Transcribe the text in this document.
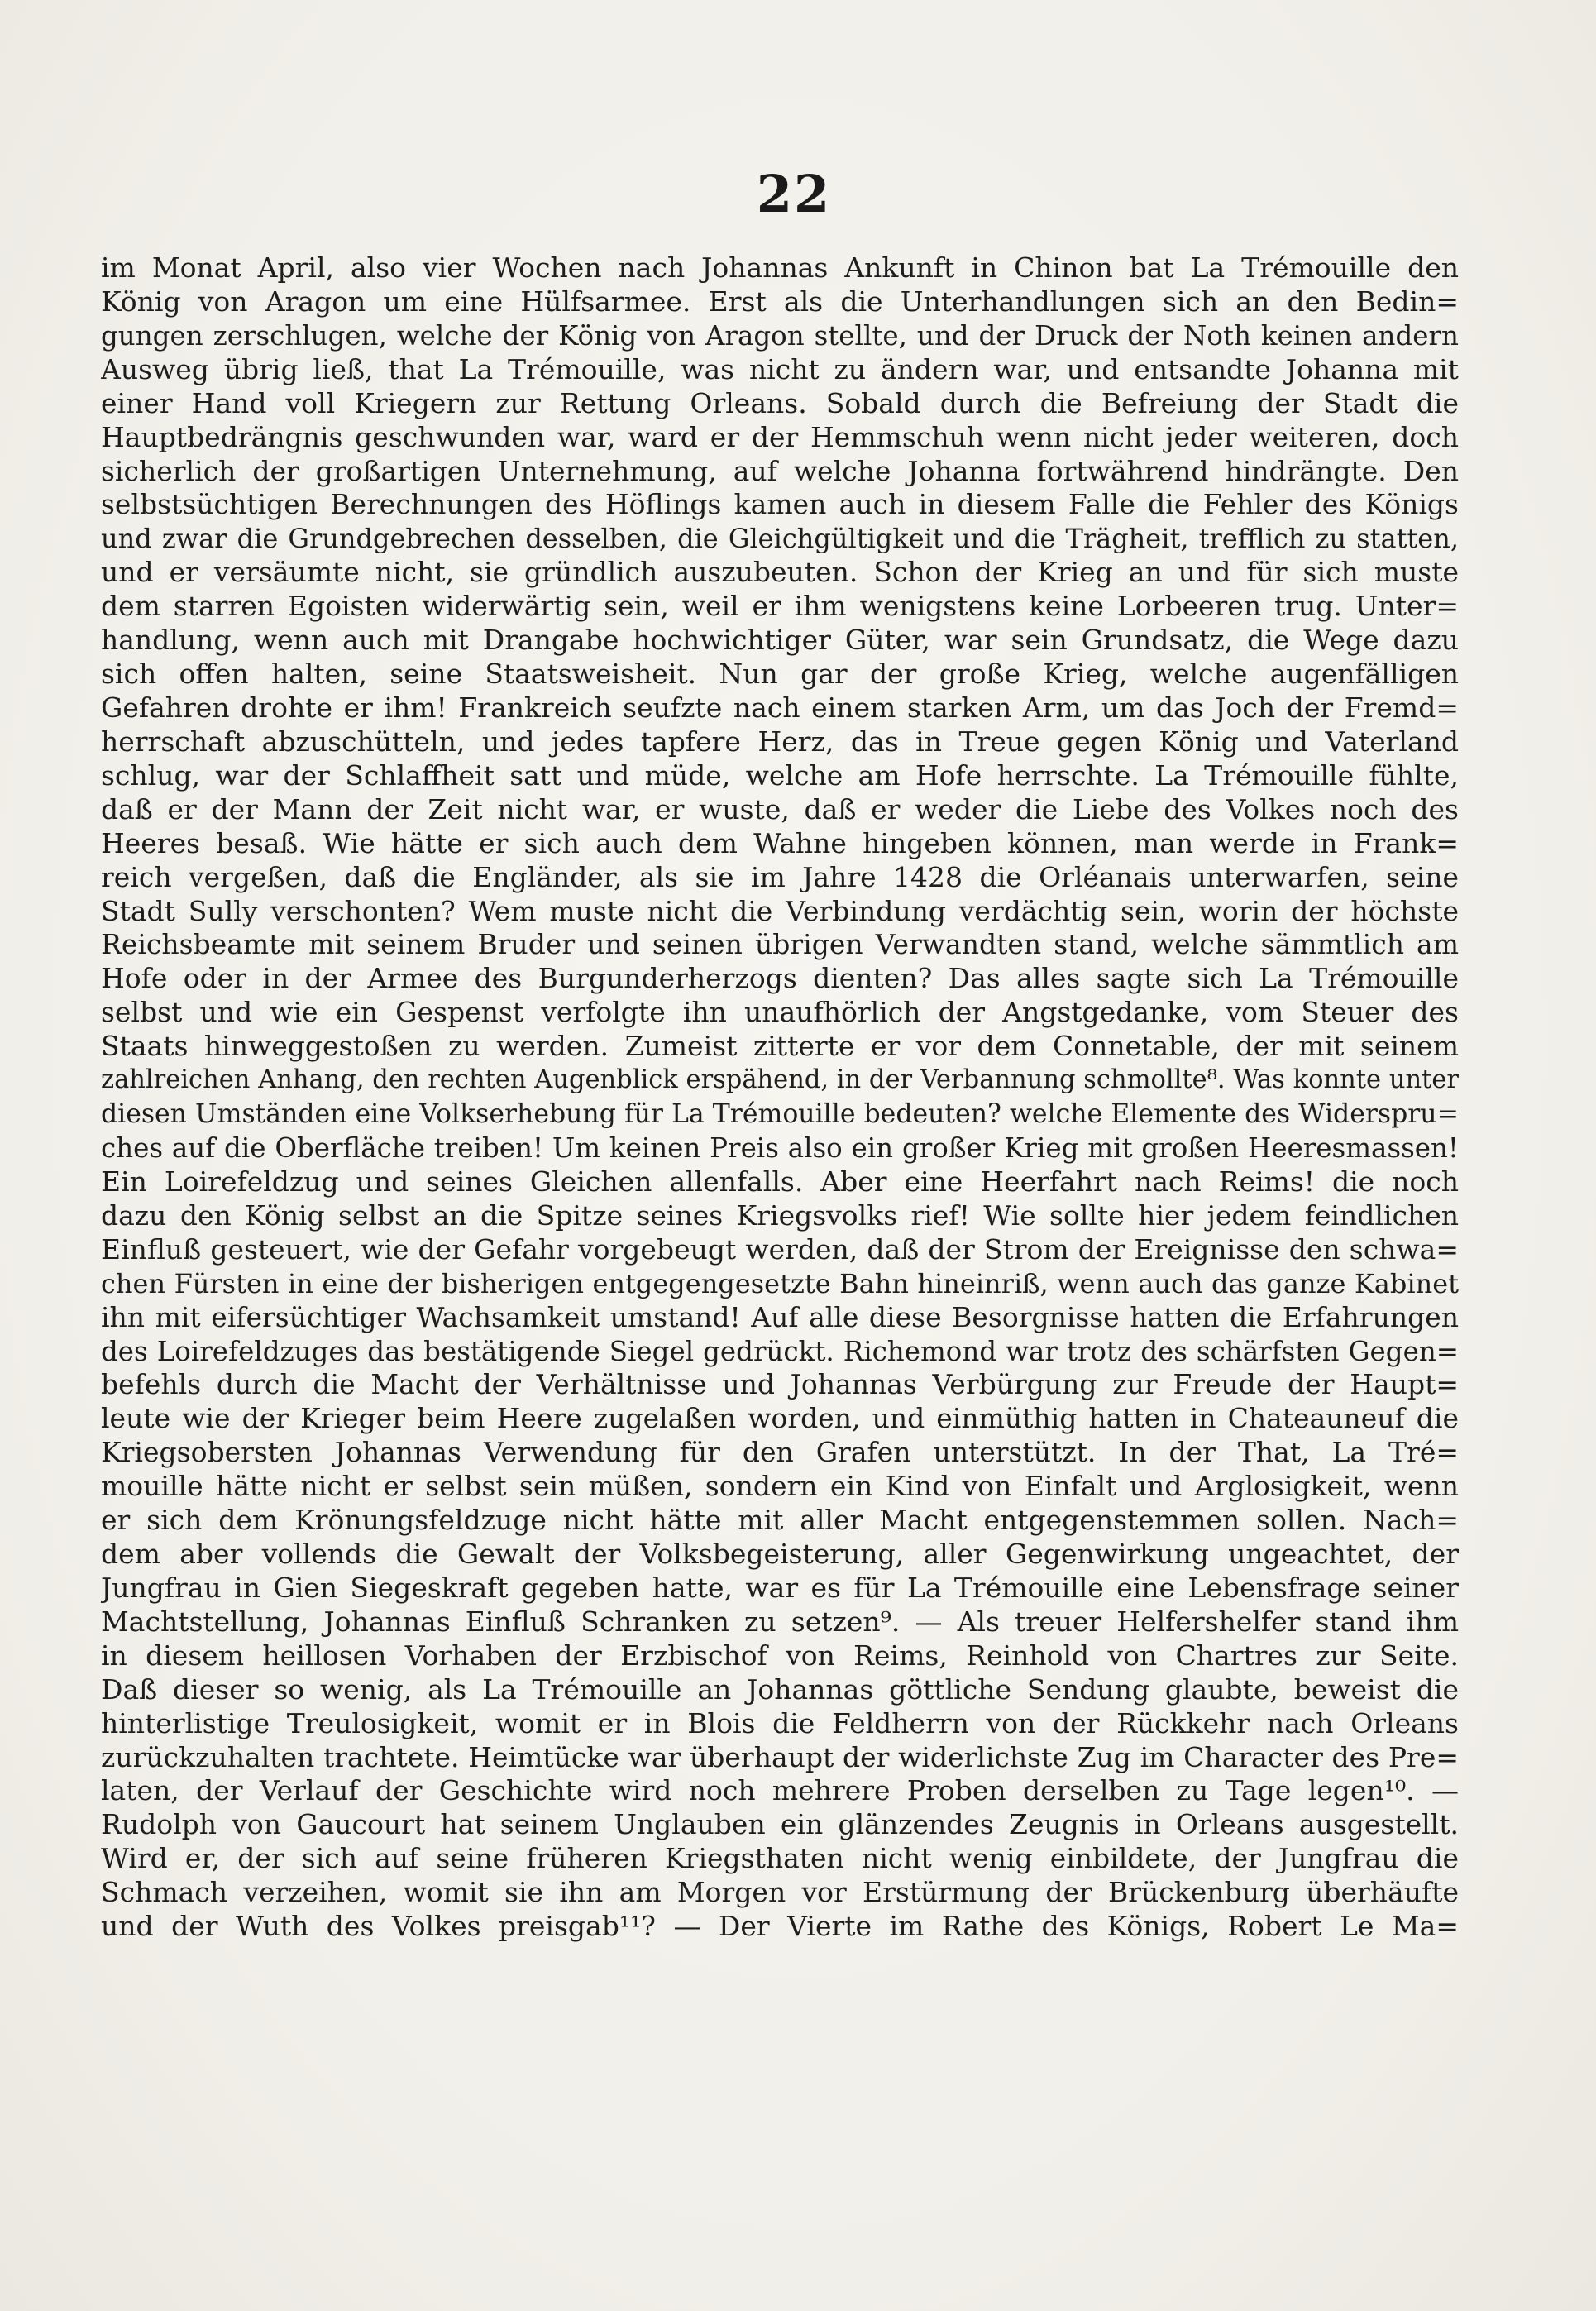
22
im Monat April, also vier Wochen nach Johannas Ankunft in Chinon bat La Trémouille den
König von Aragon um eine Hülfsarmee. Erst als die Unterhandlungen sich an den Bedin=
gungen zerschlugen, welche der König von Aragon stellte, und der Druck der Noth keinen andern
Ausweg übrig ließ, that La Trémouille, was nicht zu ändern war, und entsandte Johanna mit
einer Hand voll Kriegern zur Rettung Orleans. Sobald durch die Befreiung der Stadt die
Hauptbedrängnis geschwunden war, ward er der Hemmschuh wenn nicht jeder weiteren, doch
sicherlich der großartigen Unternehmung, auf welche Johanna fortwährend hindrängte. Den
selbstsüchtigen Berechnungen des Höflings kamen auch in diesem Falle die Fehler des Königs
und zwar die Grundgebrechen desselben, die Gleichgültigkeit und die Trägheit, trefflich zu statten,
und er versäumte nicht, sie gründlich auszubeuten. Schon der Krieg an und für sich muste
dem starren Egoisten widerwärtig sein, weil er ihm wenigstens keine Lorbeeren trug. Unter=
handlung, wenn auch mit Drangabe hochwichtiger Güter, war sein Grundsatz, die Wege dazu
sich offen halten, seine Staatsweisheit. Nun gar der große Krieg, welche augenfälligen
Gefahren drohte er ihm! Frankreich seufzte nach einem starken Arm, um das Joch der Fremd=
herrschaft abzuschütteln, und jedes tapfere Herz, das in Treue gegen König und Vaterland
schlug, war der Schlaffheit satt und müde, welche am Hofe herrschte. La Trémouille fühlte,
daß er der Mann der Zeit nicht war, er wuste, daß er weder die Liebe des Volkes noch des
Heeres besaß. Wie hätte er sich auch dem Wahne hingeben können, man werde in Frank=
reich vergeßen, daß die Engländer, als sie im Jahre 1428 die Orléanais unterwarfen, seine
Stadt Sully verschonten? Wem muste nicht die Verbindung verdächtig sein, worin der höchste
Reichsbeamte mit seinem Bruder und seinen übrigen Verwandten stand, welche sämmtlich am
Hofe oder in der Armee des Burgunderherzogs dienten? Das alles sagte sich La Trémouille
selbst und wie ein Gespenst verfolgte ihn unaufhörlich der Angstgedanke, vom Steuer des
Staats hinweggestoßen zu werden. Zumeist zitterte er vor dem Connetable, der mit seinem
zahlreichen Anhang, den rechten Augenblick erspähend, in der Verbannung schmollte⁸. Was konnte unter
diesen Umständen eine Volkserhebung für La Trémouille bedeuten? welche Elemente des Widerspru=
ches auf die Oberfläche treiben! Um keinen Preis also ein großer Krieg mit großen Heeresmassen!
Ein Loirefeldzug und seines Gleichen allenfalls. Aber eine Heerfahrt nach Reims! die noch
dazu den König selbst an die Spitze seines Kriegsvolks rief! Wie sollte hier jedem feindlichen
Einfluß gesteuert, wie der Gefahr vorgebeugt werden, daß der Strom der Ereignisse den schwa=
chen Fürsten in eine der bisherigen entgegengesetzte Bahn hineinriß, wenn auch das ganze Kabinet
ihn mit eifersüchtiger Wachsamkeit umstand! Auf alle diese Besorgnisse hatten die Erfahrungen
des Loirefeldzuges das bestätigende Siegel gedrückt. Richemond war trotz des schärfsten Gegen=
befehls durch die Macht der Verhältnisse und Johannas Verbürgung zur Freude der Haupt=
leute wie der Krieger beim Heere zugelaßen worden, und einmüthig hatten in Chateauneuf die
Kriegsobersten Johannas Verwendung für den Grafen unterstützt. In der That, La Tré=
mouille hätte nicht er selbst sein müßen, sondern ein Kind von Einfalt und Arglosigkeit, wenn
er sich dem Krönungsfeldzuge nicht hätte mit aller Macht entgegenstemmen sollen. Nach=
dem aber vollends die Gewalt der Volksbegeisterung, aller Gegenwirkung ungeachtet, der
Jungfrau in Gien Siegeskraft gegeben hatte, war es für La Trémouille eine Lebensfrage seiner
Machtstellung, Johannas Einfluß Schranken zu setzen⁹. — Als treuer Helfershelfer stand ihm
in diesem heillosen Vorhaben der Erzbischof von Reims, Reinhold von Chartres zur Seite.
Daß dieser so wenig, als La Trémouille an Johannas göttliche Sendung glaubte, beweist die
hinterlistige Treulosigkeit, womit er in Blois die Feldherrn von der Rückkehr nach Orleans
zurückzuhalten trachtete. Heimtücke war überhaupt der widerlichste Zug im Character des Pre=
laten, der Verlauf der Geschichte wird noch mehrere Proben derselben zu Tage legen¹⁰. —
Rudolph von Gaucourt hat seinem Unglauben ein glänzendes Zeugnis in Orleans ausgestellt.
Wird er, der sich auf seine früheren Kriegsthaten nicht wenig einbildete, der Jungfrau die
Schmach verzeihen, womit sie ihn am Morgen vor Erstürmung der Brückenburg überhäufte
und der Wuth des Volkes preisgab¹¹? — Der Vierte im Rathe des Königs, Robert Le Ma=
